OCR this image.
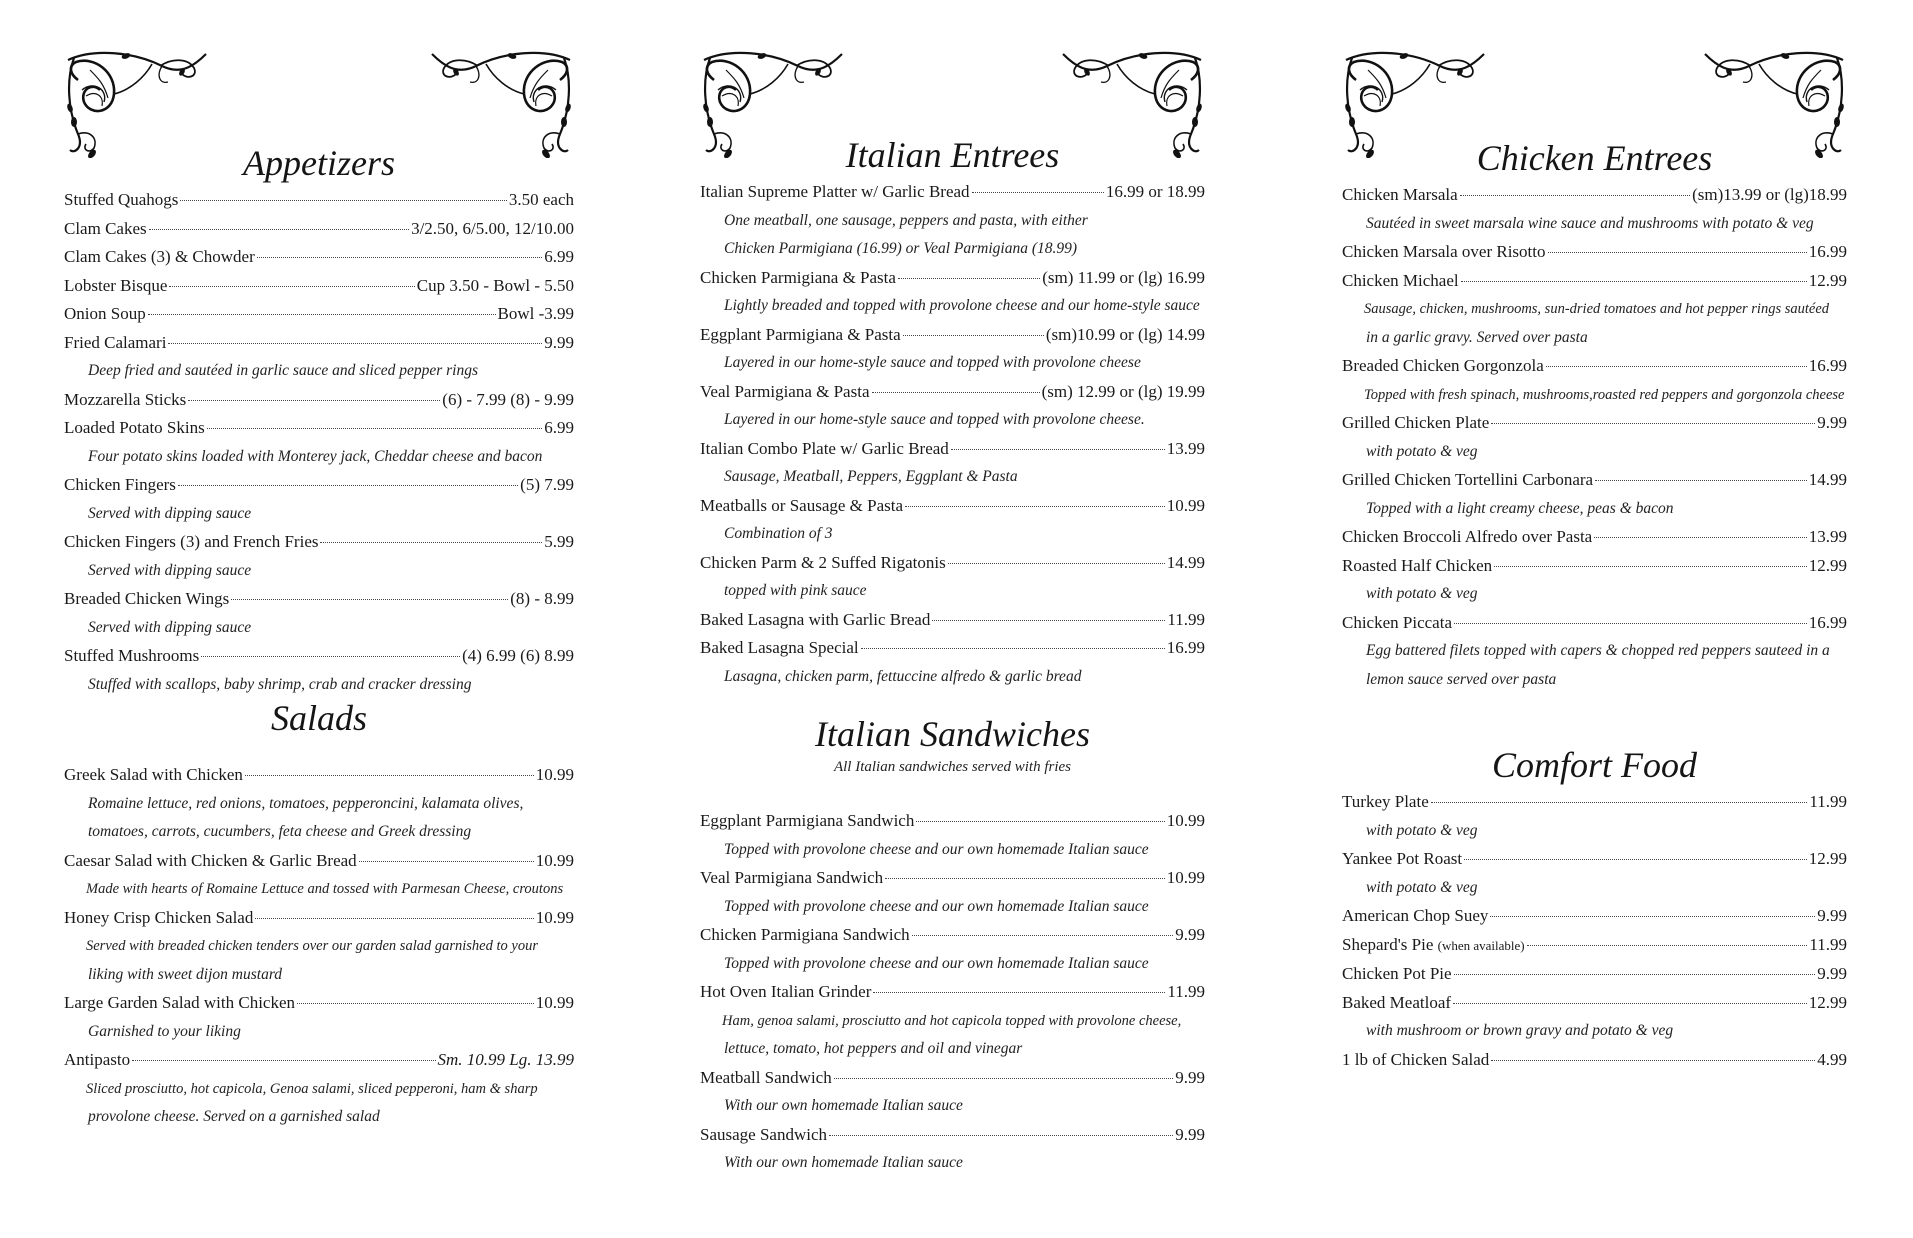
Appetizers
Stuffed Quahogs	3.50 each
Clam Cakes	3/2.50, 6/5.00, 12/10.00
Clam Cakes (3) & Chowder	6.99
Lobster Bisque	Cup 3.50 - Bowl - 5.50
Onion Soup	Bowl -3.99
Fried Calamari	9.99
Deep fried and sautéed in garlic sauce and sliced pepper rings
Mozzarella Sticks	(6) - 7.99 (8) - 9.99
Loaded Potato Skins	6.99
Four potato skins loaded with Monterey jack, Cheddar cheese and bacon
Chicken Fingers	(5) 7.99
Served with dipping sauce
Chicken Fingers (3) and French Fries	5.99
Served with dipping sauce
Breaded Chicken Wings	(8) - 8.99
Served with dipping sauce
Stuffed Mushrooms	(4) 6.99 (6) 8.99
Stuffed with scallops, baby shrimp, crab and cracker dressing
Salads
Greek Salad with Chicken	10.99
Romaine lettuce, red onions, tomatoes, pepperoncini, kalamata olives,
tomatoes, carrots, cucumbers, feta cheese and Greek dressing
Caesar Salad with Chicken & Garlic Bread	10.99
Made with hearts of Romaine Lettuce and tossed with Parmesan Cheese, croutons
Honey Crisp Chicken Salad	10.99
Served with breaded chicken tenders over our garden salad garnished to your
liking with sweet dijon mustard
Large Garden Salad with Chicken	10.99
Garnished to your liking
Antipasto	Sm. 10.99 Lg. 13.99
Sliced prosciutto, hot capicola, Genoa salami, sliced pepperoni, ham & sharp
provolone cheese. Served on a garnished salad
Italian Entrees
Italian Supreme Platter w/ Garlic Bread	16.99 or 18.99
One meatball, one sausage, peppers and pasta, with either
Chicken Parmigiana (16.99) or Veal Parmigiana (18.99)
Chicken Parmigiana & Pasta	(sm) 11.99 or (lg) 16.99
Lightly breaded and topped with provolone cheese and our home-style sauce
Eggplant Parmigiana & Pasta	(sm)10.99 or (lg) 14.99
Layered in our home-style sauce and topped with provolone cheese
Veal Parmigiana & Pasta	(sm) 12.99 or (lg) 19.99
Layered in our home-style sauce and topped with provolone cheese.
Italian Combo Plate w/ Garlic Bread	13.99
Sausage, Meatball, Peppers, Eggplant & Pasta
Meatballs or Sausage & Pasta	10.99
Combination of 3
Chicken Parm & 2 Suffed Rigatonis	14.99
topped with pink sauce
Baked Lasagna with Garlic Bread	11.99
Baked Lasagna Special	16.99
Lasagna, chicken parm, fettuccine alfredo & garlic bread
Italian Sandwiches

All Italian sandwiches served with fries

Eggplant Parmigiana Sandwich	10.99
Topped with provolone cheese and our own homemade Italian sauce
Veal Parmigiana Sandwich	10.99
Topped with provolone cheese and our own homemade Italian sauce
Chicken Parmigiana Sandwich	9.99
Topped with provolone cheese and our own homemade Italian sauce
Hot Oven Italian Grinder	11.99
Ham, genoa salami, prosciutto and hot capicola topped with provolone cheese,
lettuce, tomato, hot peppers and oil and vinegar
Meatball Sandwich	9.99
With our own homemade Italian sauce
Sausage Sandwich	9.99
With our own homemade Italian sauce
Chicken Entrees
Chicken Marsala	(sm)13.99 or (lg)18.99
Sautéed in sweet marsala wine sauce and mushrooms with potato & veg
Chicken Marsala over Risotto	16.99
Chicken Michael	12.99
Sausage, chicken, mushrooms, sun-dried tomatoes and hot pepper rings sautéed
in a garlic gravy. Served over pasta
Breaded Chicken Gorgonzola	16.99
Topped with fresh spinach, mushrooms,roasted red peppers and gorgonzola cheese
Grilled Chicken Plate	9.99
with potato & veg
Grilled Chicken Tortellini Carbonara	14.99
Topped with a light creamy cheese, peas & bacon
Chicken Broccoli Alfredo over Pasta	13.99
Roasted Half Chicken	12.99
with potato & veg
Chicken Piccata	16.99
Egg battered filets topped with capers & chopped red peppers sauteed in a
lemon sauce served over pasta
Comfort Food
Turkey Plate	11.99
with potato & veg
Yankee Pot Roast	12.99
with potato & veg
American Chop Suey	9.99
Shepard's Pie (when available)	11.99
Chicken Pot Pie	9.99
Baked Meatloaf	12.99
with mushroom or brown gravy and potato & veg
1 lb of Chicken Salad	4.99
